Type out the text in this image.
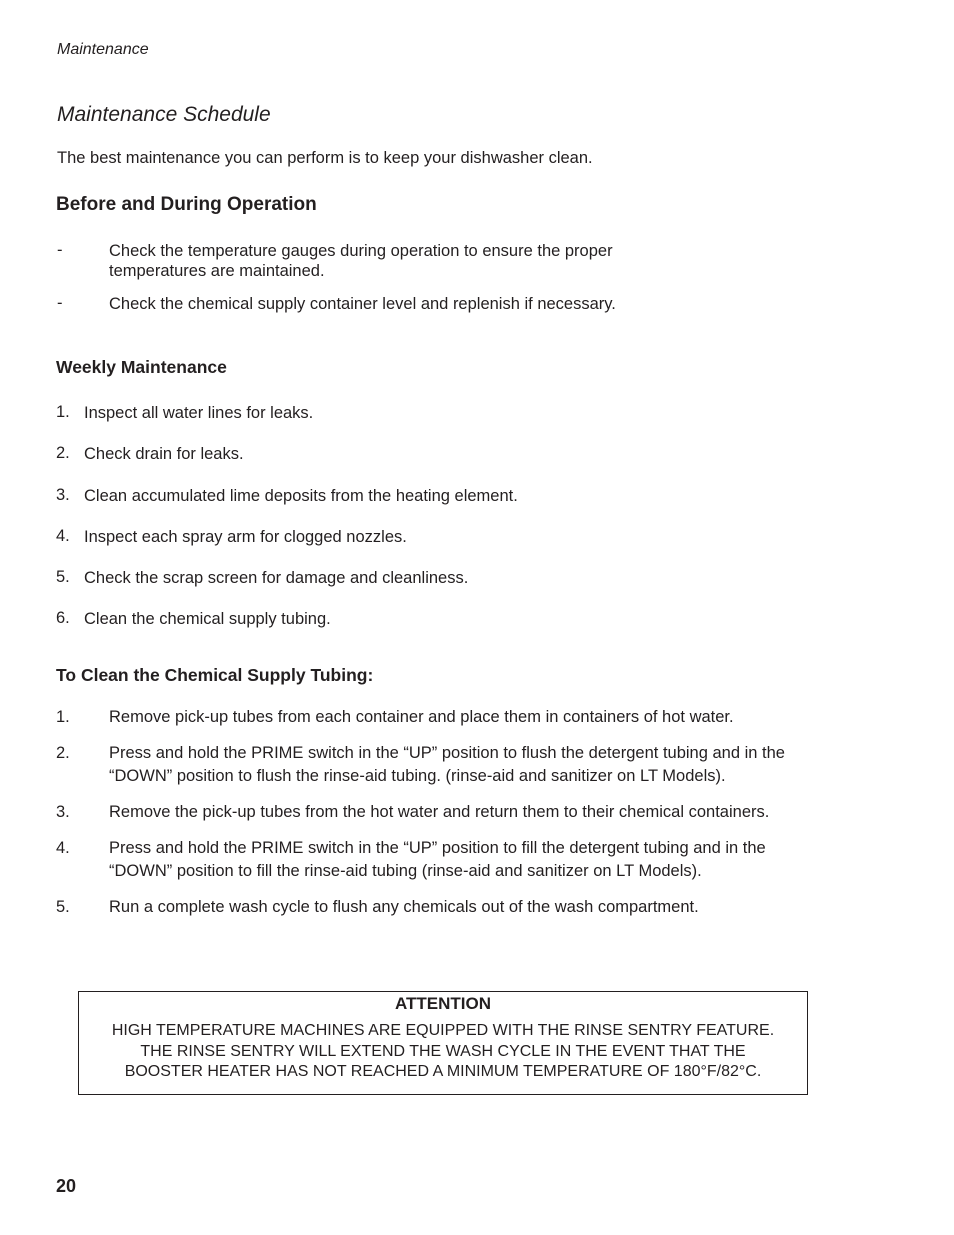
Maintenance
Maintenance Schedule
The best maintenance you can perform is to keep your dishwasher clean.
Before and During Operation
-	Check the temperature gauges during operation to ensure the proper
temperatures are maintained.
-	Check the chemical supply container level and replenish if necessary.
Weekly Maintenance
1. Inspect all water lines for leaks.
2. Check drain for leaks.
3. Clean accumulated lime deposits from the heating element.
4. Inspect each spray arm for clogged nozzles.
5. Check the scrap screen for damage and cleanliness.
6. Clean the chemical supply tubing.
To Clean the Chemical Supply Tubing:
1. Remove pick-up tubes from each container and place them in containers of hot water.
2. Press and hold the PRIME switch in the “UP” position to flush the detergent tubing and in the
“DOWN” position to flush the rinse-aid tubing. (rinse-aid and sanitizer on LT Models).
3. Remove the pick-up tubes from the hot water and return them to their chemical containers.
4. Press and hold the PRIME switch in the “UP” position to fill the detergent tubing and in the
“DOWN” position to fill the rinse-aid tubing (rinse-aid and sanitizer on LT Models).
5. Run a complete wash cycle to flush any chemicals out of the wash compartment.
ATTENTION
HIGH TEMPERATURE MACHINES ARE EQUIPPED WITH THE RINSE SENTRY FEATURE.
THE RINSE SENTRY WILL EXTEND THE WASH CYCLE IN THE EVENT THAT THE
BOOSTER HEATER HAS NOT REACHED A MINIMUM TEMPERATURE OF 180°F/82°C.
20
